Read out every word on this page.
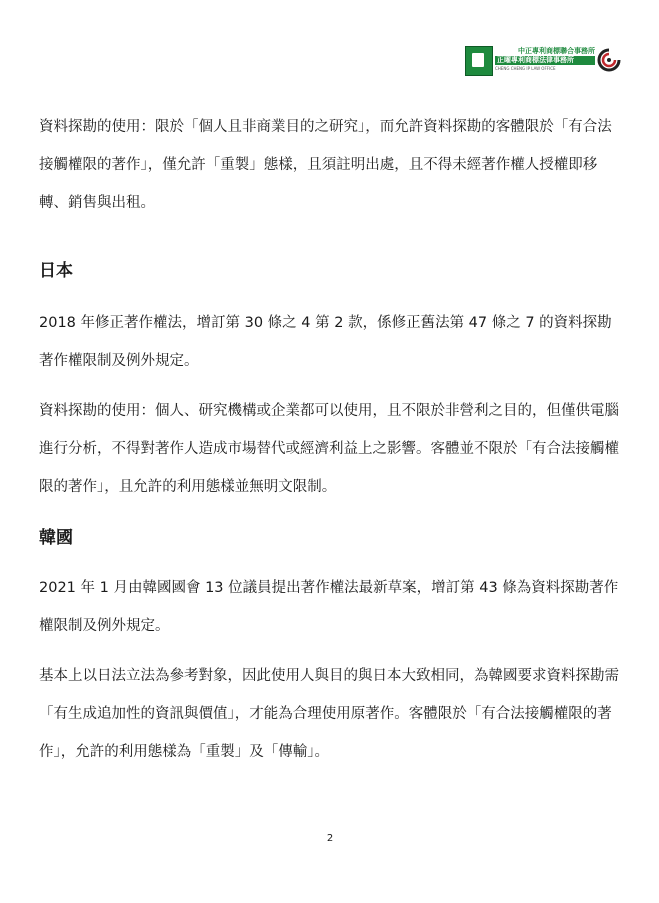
中正專利商標聯合事務所
正曜專利商標法律事務所
CHENG CHENG IP LAW OFFICE

資料探勘的使用：限於「個人且非商業目的之研究」，而允許資料探勘的客體限於「有合法接觸權限的著作」，僅允許「重製」態樣，且須註明出處，且不得未經著作權人授權即移轉、銷售與出租。

日本

2018 年修正著作權法，增訂第 30 條之 4 第 2 款，係修正舊法第 47 條之 7 的資料探勘著作權限制及例外規定。

資料探勘的使用：個人、研究機構或企業都可以使用，且不限於非營利之目的，但僅供電腦進行分析，不得對著作人造成市場替代或經濟利益上之影響。客體並不限於「有合法接觸權限的著作」，且允許的利用態樣並無明文限制。

韓國

2021 年 1 月由韓國國會 13 位議員提出著作權法最新草案，增訂第 43 條為資料探勘著作權限制及例外規定。

基本上以日法立法為參考對象，因此使用人與目的與日本大致相同，為韓國要求資料探勘需「有生成追加性的資訊與價值」，才能為合理使用原著作。客體限於「有合法接觸權限的著作」，允許的利用態樣為「重製」及「傳輸」。

2
